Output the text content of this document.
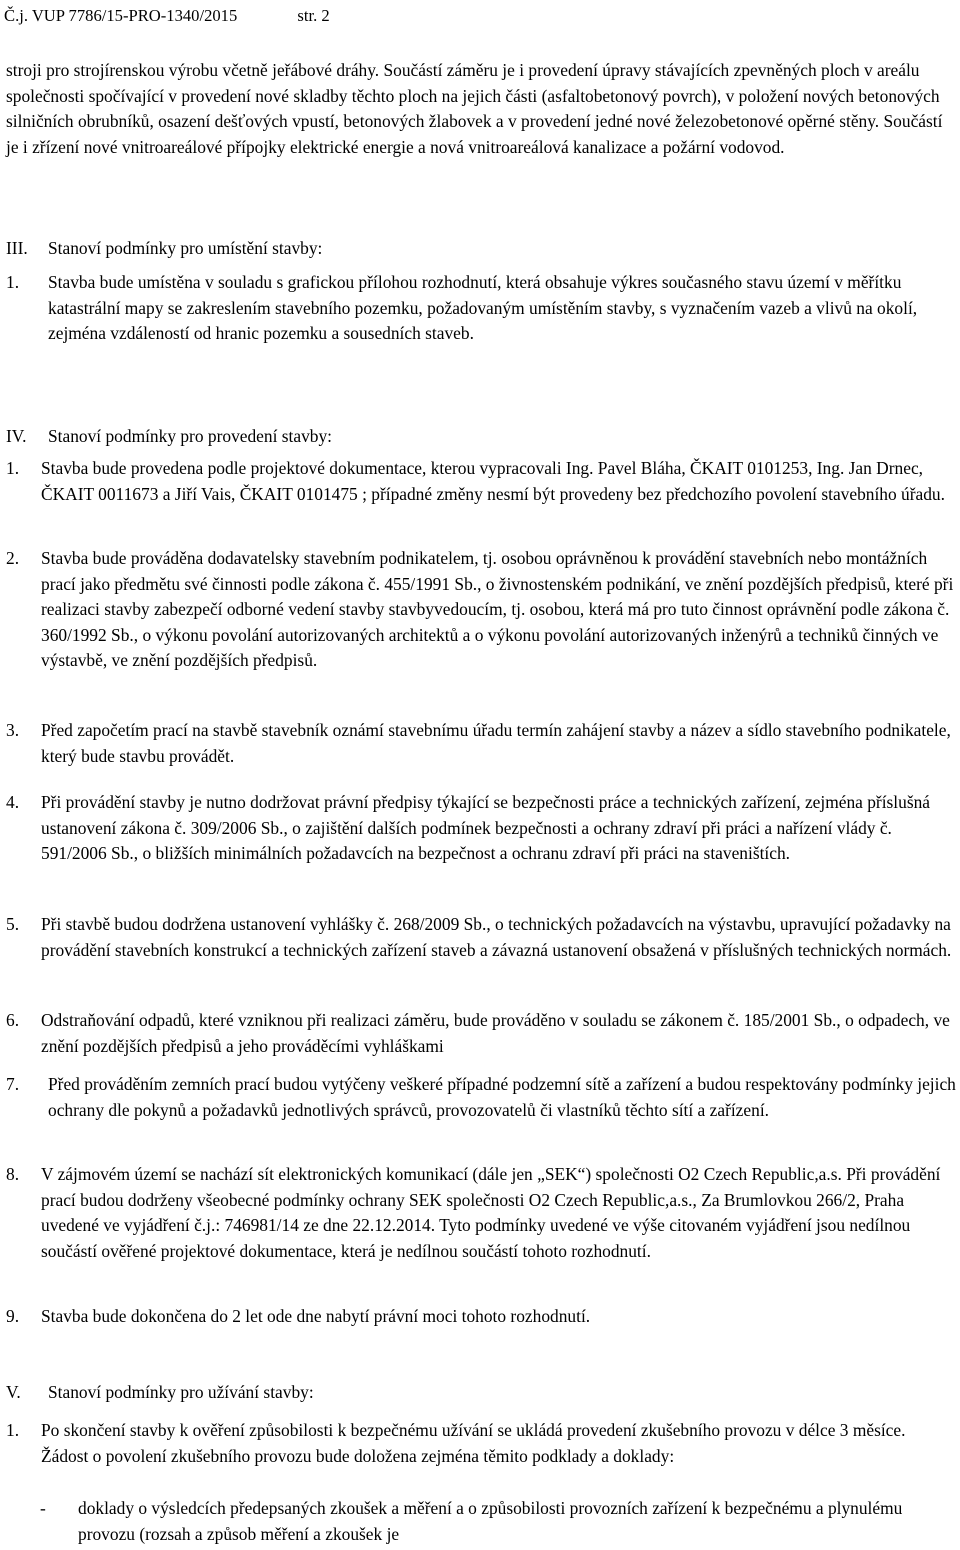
Č.j. VUP 7786/15-PRO-1340/2015	str. 2
stroji pro strojírenskou výrobu včetně jeřábové dráhy. Součástí záměru je i provedení úpravy stávajících zpevněných ploch v areálu společnosti spočívající v provedení nové skladby těchto ploch na jejich části (asfaltobetonový povrch), v položení nových betonových silničních obrubníků, osazení dešťových vpustí, betonových žlabovek a v provedení jedné nové železobetonové opěrné stěny. Součástí je i zřízení nové vnitroareálové přípojky elektrické energie a nová vnitroareálová kanalizace a požární vodovod.
III. Stanoví podmínky pro umístění stavby:
1.	Stavba bude umístěna v souladu s grafickou přílohou rozhodnutí, která obsahuje výkres současného stavu území v měřítku katastrální mapy se zakreslením stavebního pozemku, požadovaným umístěním stavby, s vyznačením vazeb a vlivů na okolí, zejména vzdáleností od hranic pozemku a sousedních staveb.
IV. Stanoví podmínky pro provedení stavby:
1.	Stavba bude provedena podle projektové dokumentace, kterou vypracovali Ing. Pavel Bláha, ČKAIT 0101253, Ing. Jan Drnec, ČKAIT 0011673 a Jiří Vais, ČKAIT 0101475 ; případné změny nesmí být provedeny bez předchozího povolení stavebního úřadu.
2.	Stavba bude prováděna dodavatelsky stavebním podnikatelem, tj. osobou oprávněnou k provádění stavebních nebo montážních prací jako předmětu své činnosti podle zákona č. 455/1991 Sb., o živnostenském podnikání, ve znění pozdějších předpisů, které při realizaci stavby zabezpečí odborné vedení stavby stavbyvedoucím, tj. osobou, která má pro tuto činnost oprávnění podle zákona č. 360/1992 Sb., o výkonu povolání autorizovaných architektů a o výkonu povolání autorizovaných inženýrů a techniků činných ve výstavbě, ve znění pozdějších předpisů.
3.	Před započetím prací na stavbě stavebník oznámí stavebnímu úřadu termín zahájení stavby a název a sídlo stavebního podnikatele, který bude stavbu provádět.
4.	Při provádění stavby je nutno dodržovat právní předpisy týkající se bezpečnosti práce a technických zařízení, zejména příslušná ustanovení zákona č. 309/2006 Sb., o zajištění dalších podmínek bezpečnosti a ochrany zdraví při práci a nařízení vlády č. 591/2006 Sb., o bližších minimálních požadavcích na bezpečnost a ochranu zdraví při práci na staveništích.
5.	Při stavbě budou dodržena ustanovení vyhlášky č. 268/2009 Sb., o technických požadavcích na výstavbu, upravující požadavky na provádění stavebních konstrukcí a technických zařízení staveb a závazná ustanovení obsažená v příslušných technických normách.
6.	Odstraňování odpadů, které vzniknou při realizaci záměru, bude prováděno v souladu se zákonem č. 185/2001 Sb., o odpadech, ve znění pozdějších předpisů a jeho prováděcími vyhláškami
7.	Před prováděním zemních prací budou vytýčeny veškeré případné podzemní sítě a zařízení a budou respektovány podmínky jejich ochrany dle pokynů a požadavků jednotlivých správců, provozovatelů či vlastníků těchto sítí a zařízení.
8.	V zájmovém území se nachází sít elektronických komunikací (dále jen „SEK“) společnosti O2 Czech Republic,a.s. Při provádění prací budou dodrženy všeobecné podmínky ochrany SEK společnosti O2 Czech Republic,a.s., Za Brumlovkou 266/2, Praha uvedené ve vyjádření č.j.: 746981/14 ze dne 22.12.2014. Tyto podmínky uvedené ve výše citovaném vyjádření jsou nedílnou součástí ověřené projektové dokumentace, která je nedílnou součástí tohoto rozhodnutí.
9.	Stavba bude dokončena do 2 let ode dne nabytí právní moci tohoto rozhodnutí.
V. Stanoví podmínky pro užívání stavby:
1.	Po skončení stavby k ověření způsobilosti k bezpečnému užívání se ukládá provedení zkušebního provozu v délce 3 měsíce. Žádost o povolení zkušebního provozu bude doložena zejména těmito podklady a doklady:
-	doklady o výsledcích předepsaných zkoušek a měření a o způsobilosti provozních zařízení k bezpečnému a plynulému provozu (rozsah a způsob měření a zkoušek je
